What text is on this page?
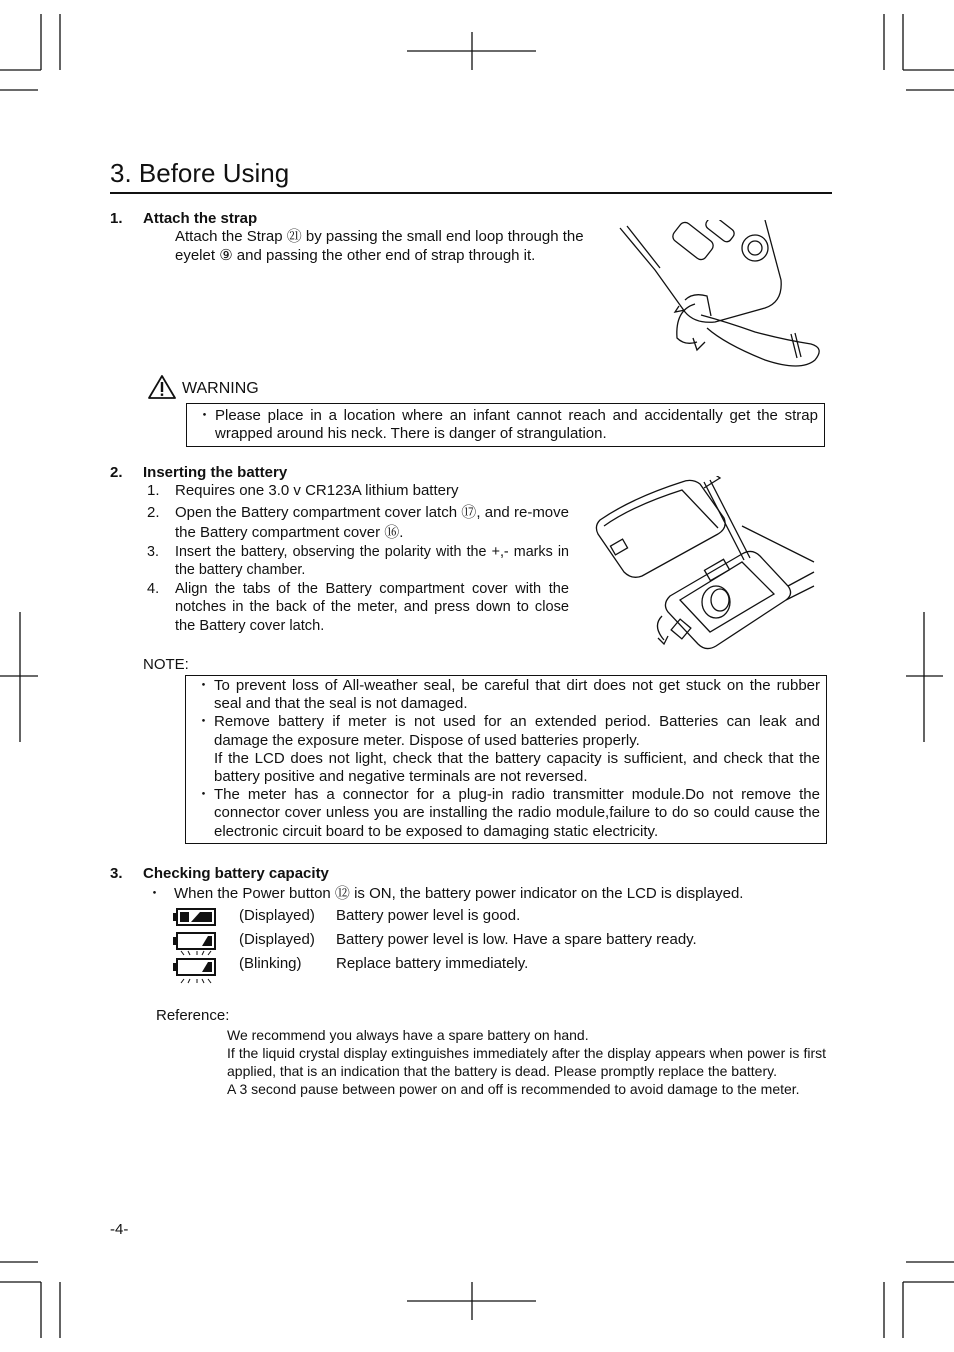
3. Before Using
1. Attach the strap
Attach the Strap ㉑ by passing the small end loop through the eyelet ⑨ and passing the other end of strap through it.
WARNING
・ Please place in a location where an infant cannot reach and accidentally get the strap wrapped around his neck. There is danger of strangulation.
2. Inserting the battery
1. Requires one 3.0 v CR123A lithium battery
2. Open the Battery compartment cover latch ⑰, and re-move the Battery compartment cover ⑯.
3. Insert the battery, observing the polarity with the +,- marks in the battery chamber.
4. Align the tabs of the Battery compartment cover with the notches in the back of the meter, and press down to close the Battery cover latch.
NOTE:
・ To prevent loss of All-weather seal, be careful that dirt does not get stuck on the rubber seal and that the seal is not damaged.
・ Remove battery if meter is not used for an extended period. Batteries can leak and damage the exposure meter. Dispose of used batteries properly.
If the LCD does not light, check that the battery capacity is sufficient, and check that the battery positive and negative terminals are not reversed.
・ The meter has a connector for a plug-in radio transmitter module.Do not remove the connector cover unless you are installing the radio module,failure to do so could cause the electronic circuit board to be exposed to damaging static electricity.
3. Checking battery capacity
・ When the Power button ⑫ is ON, the battery power indicator on the LCD is displayed.
(Displayed) Battery power level is good.
(Displayed) Battery power level is low. Have a spare battery ready.
(Blinking) Replace battery immediately.
Reference:
We recommend you always have a spare battery on hand.
If the liquid crystal display extinguishes immediately after the display appears when power is first applied, that is an indication that the battery is dead. Please promptly replace the battery.
A 3 second pause between power on and off is recommended to avoid damage to the meter.
-4-
